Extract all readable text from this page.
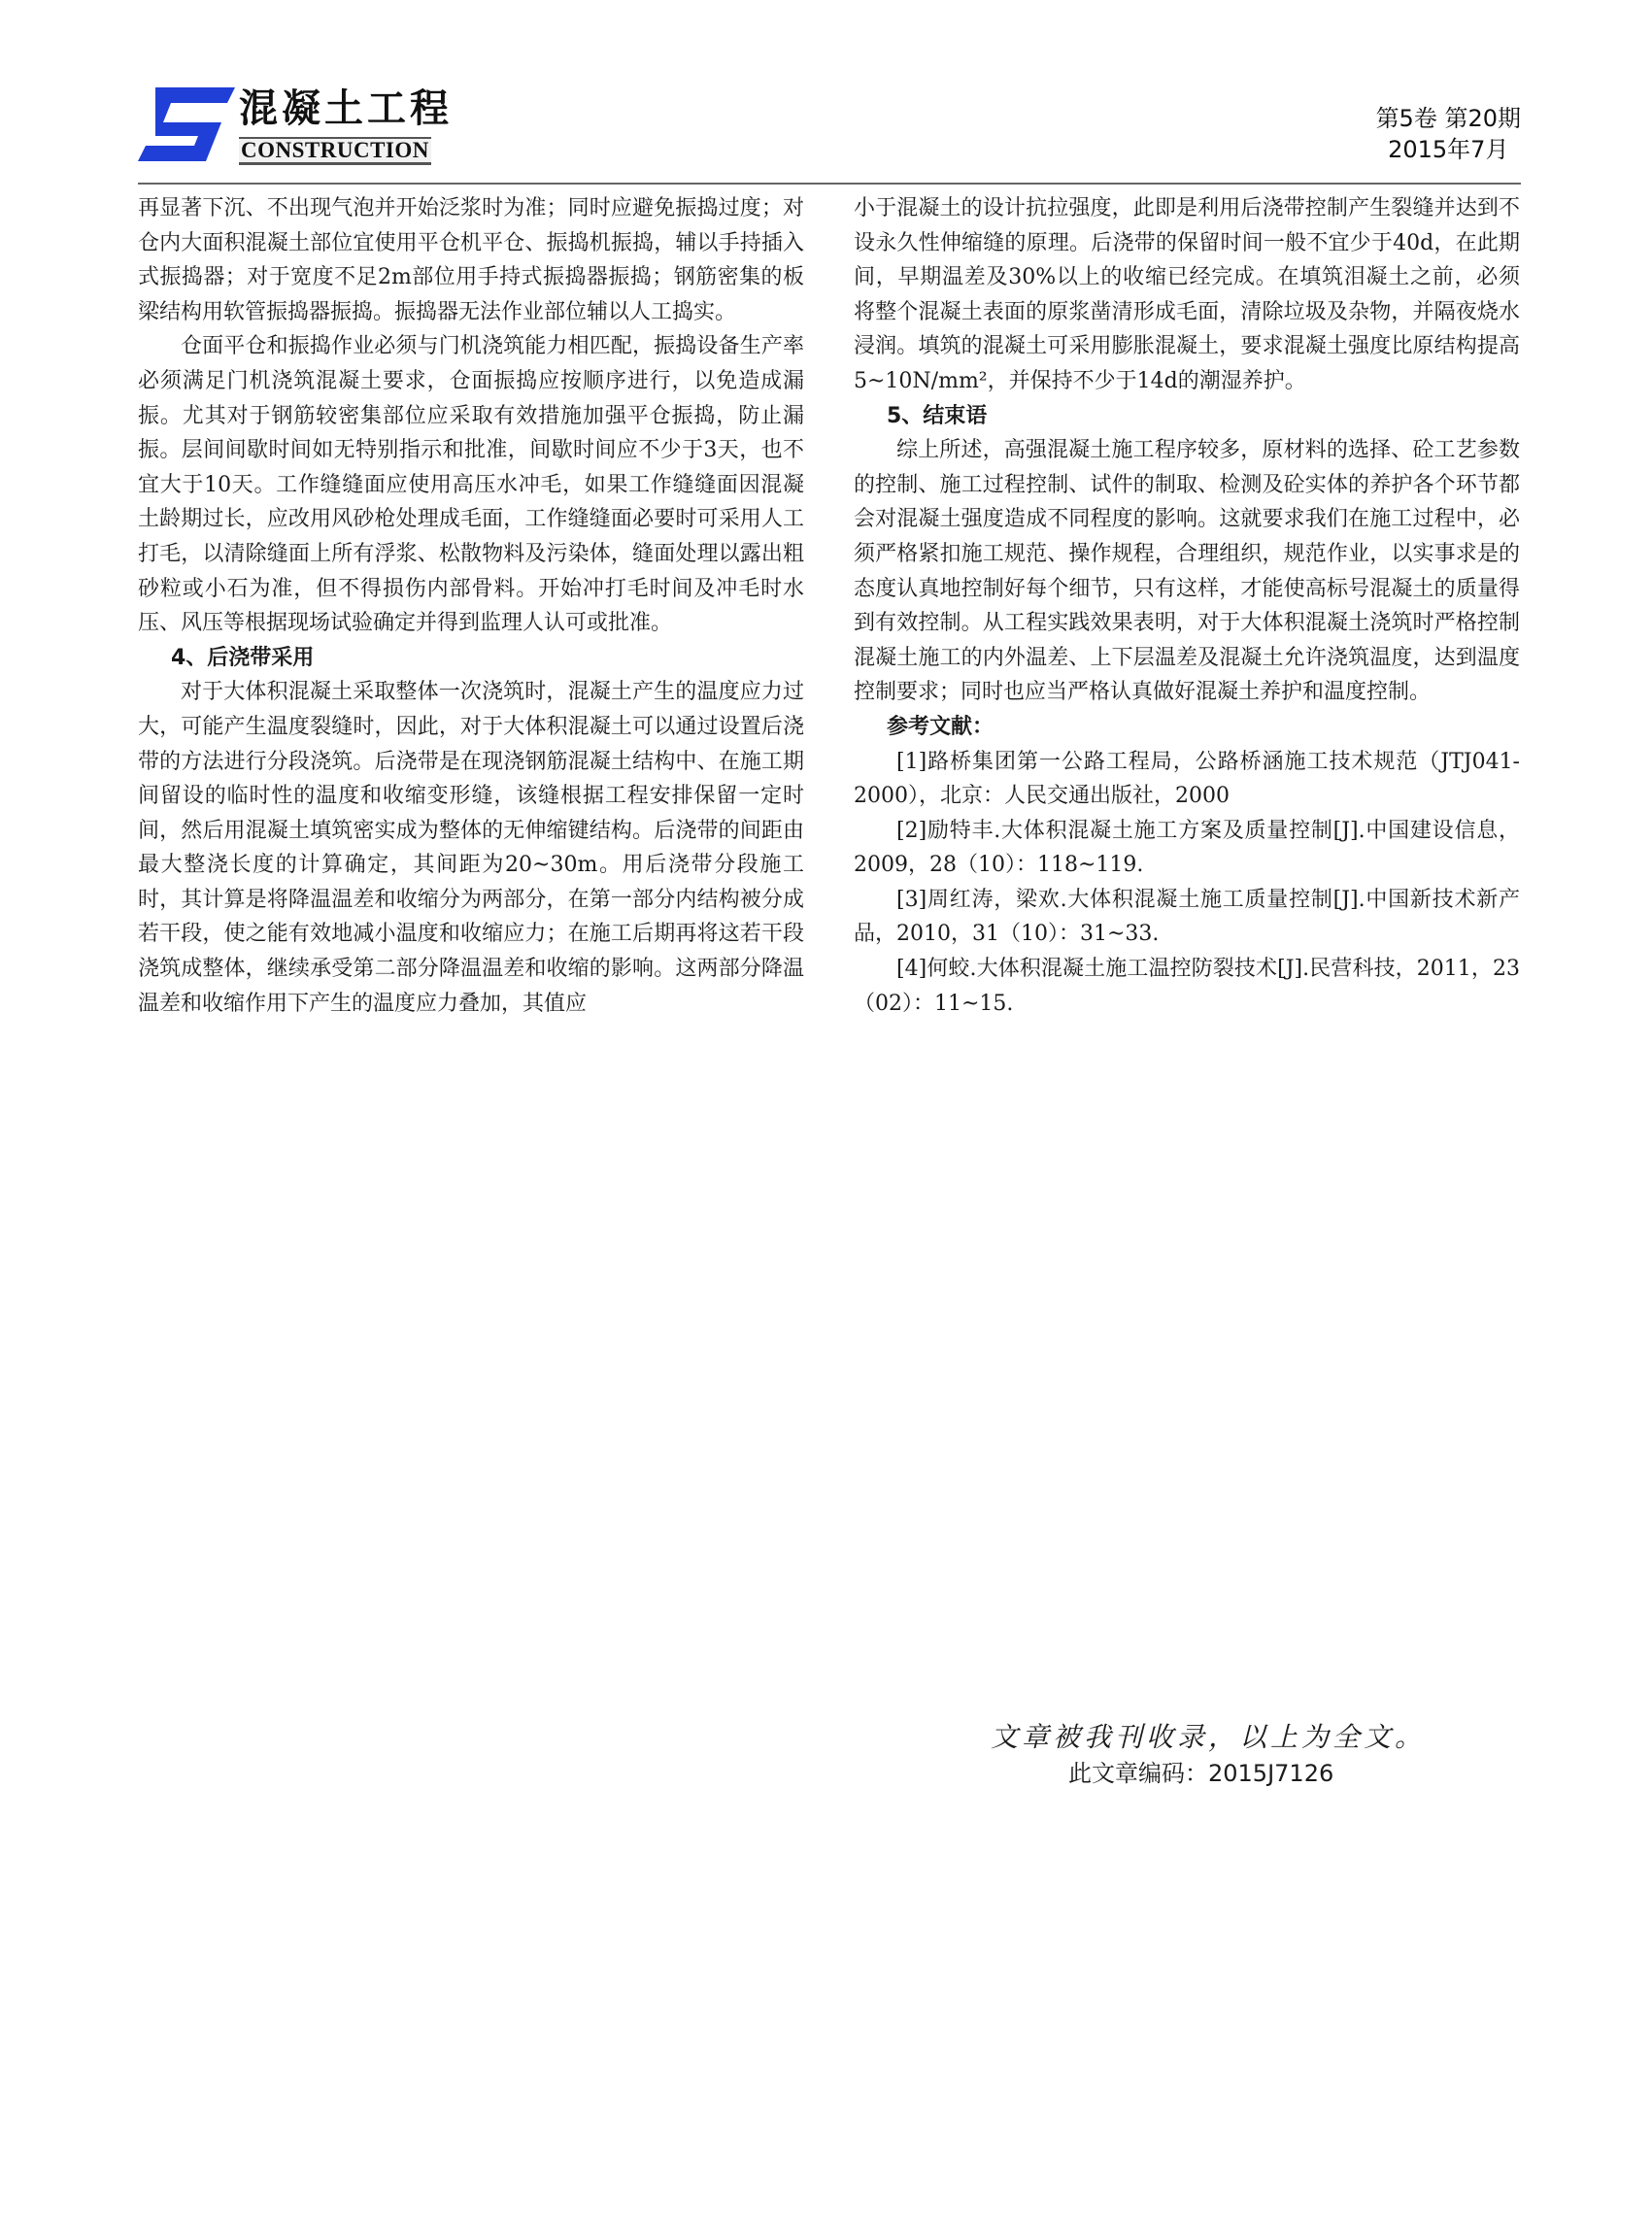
混凝土工程
CONSTRUCTION
第5卷 第20期
2015年7月

再显著下沉、不出现气泡并开始泛浆时为准；同时应避免振捣过度；对仓内大面积混凝土部位宜使用平仓机平仓、振捣机振捣，辅以手持插入式振捣器；对于宽度不足2m部位用手持式振捣器振捣；钢筋密集的板梁结构用软管振捣器振捣。振捣器无法作业部位辅以人工捣实。

仓面平仓和振捣作业必须与门机浇筑能力相匹配，振捣设备生产率必须满足门机浇筑混凝土要求，仓面振捣应按顺序进行，以免造成漏振。尤其对于钢筋较密集部位应采取有效措施加强平仓振捣，防止漏振。层间间歇时间如无特别指示和批准，间歇时间应不少于3天，也不宜大于10天。工作缝缝面应使用高压水冲毛，如果工作缝缝面因混凝土龄期过长，应改用风砂枪处理成毛面，工作缝缝面必要时可采用人工打毛，以清除缝面上所有浮浆、松散物料及污染体，缝面处理以露出粗砂粒或小石为准，但不得损伤内部骨料。开始冲打毛时间及冲毛时水压、风压等根据现场试验确定并得到监理人认可或批准。

4、后浇带采用

对于大体积混凝土采取整体一次浇筑时，混凝土产生的温度应力过大，可能产生温度裂缝时，因此，对于大体积混凝土可以通过设置后浇带的方法进行分段浇筑。后浇带是在现浇钢筋混凝土结构中、在施工期间留设的临时性的温度和收缩变形缝，该缝根据工程安排保留一定时间，然后用混凝土填筑密实成为整体的无伸缩键结构。后浇带的间距由最大整浇长度的计算确定，其间距为20~30m。用后浇带分段施工时，其计算是将降温温差和收缩分为两部分，在第一部分内结构被分成若干段，使之能有效地减小温度和收缩应力；在施工后期再将这若干段浇筑成整体，继续承受第二部分降温温差和收缩的影响。这两部分降温温差和收缩作用下产生的温度应力叠加，其值应

小于混凝土的设计抗拉强度，此即是利用后浇带控制产生裂缝并达到不设永久性伸缩缝的原理。后浇带的保留时间一般不宜少于40d，在此期间，早期温差及30%以上的收缩已经完成。在填筑泪凝土之前，必须将整个混凝土表面的原浆凿清形成毛面，清除垃圾及杂物，并隔夜烧水浸润。填筑的混凝土可采用膨胀混凝土，要求混凝土强度比原结构提高5~10N/mm²，并保持不少于14d的潮湿养护。

5、结束语

综上所述，高强混凝土施工程序较多，原材料的选择、砼工艺参数的控制、施工过程控制、试件的制取、检测及砼实体的养护各个环节都会对混凝土强度造成不同程度的影响。这就要求我们在施工过程中，必须严格紧扣施工规范、操作规程，合理组织，规范作业，以实事求是的态度认真地控制好每个细节，只有这样，才能使高标号混凝土的质量得到有效控制。从工程实践效果表明，对于大体积混凝土浇筑时严格控制混凝土施工的内外温差、上下层温差及混凝土允许浇筑温度，达到温度控制要求；同时也应当严格认真做好混凝土养护和温度控制。

参考文献：

[1]路桥集团第一公路工程局，公路桥涵施工技术规范（JTJ041-2000），北京：人民交通出版社，2000

[2]励特丰.大体积混凝土施工方案及质量控制[J].中国建设信息，2009，28（10）：118~119.

[3]周红涛，梁欢.大体积混凝土施工质量控制[J].中国新技术新产品，2010，31（10）：31~33.

[4]何蛟.大体积混凝土施工温控防裂技术[J].民营科技，2011，23（02）：11~15.

文章被我刊收录，以上为全文。
此文章编码：2015J7126
